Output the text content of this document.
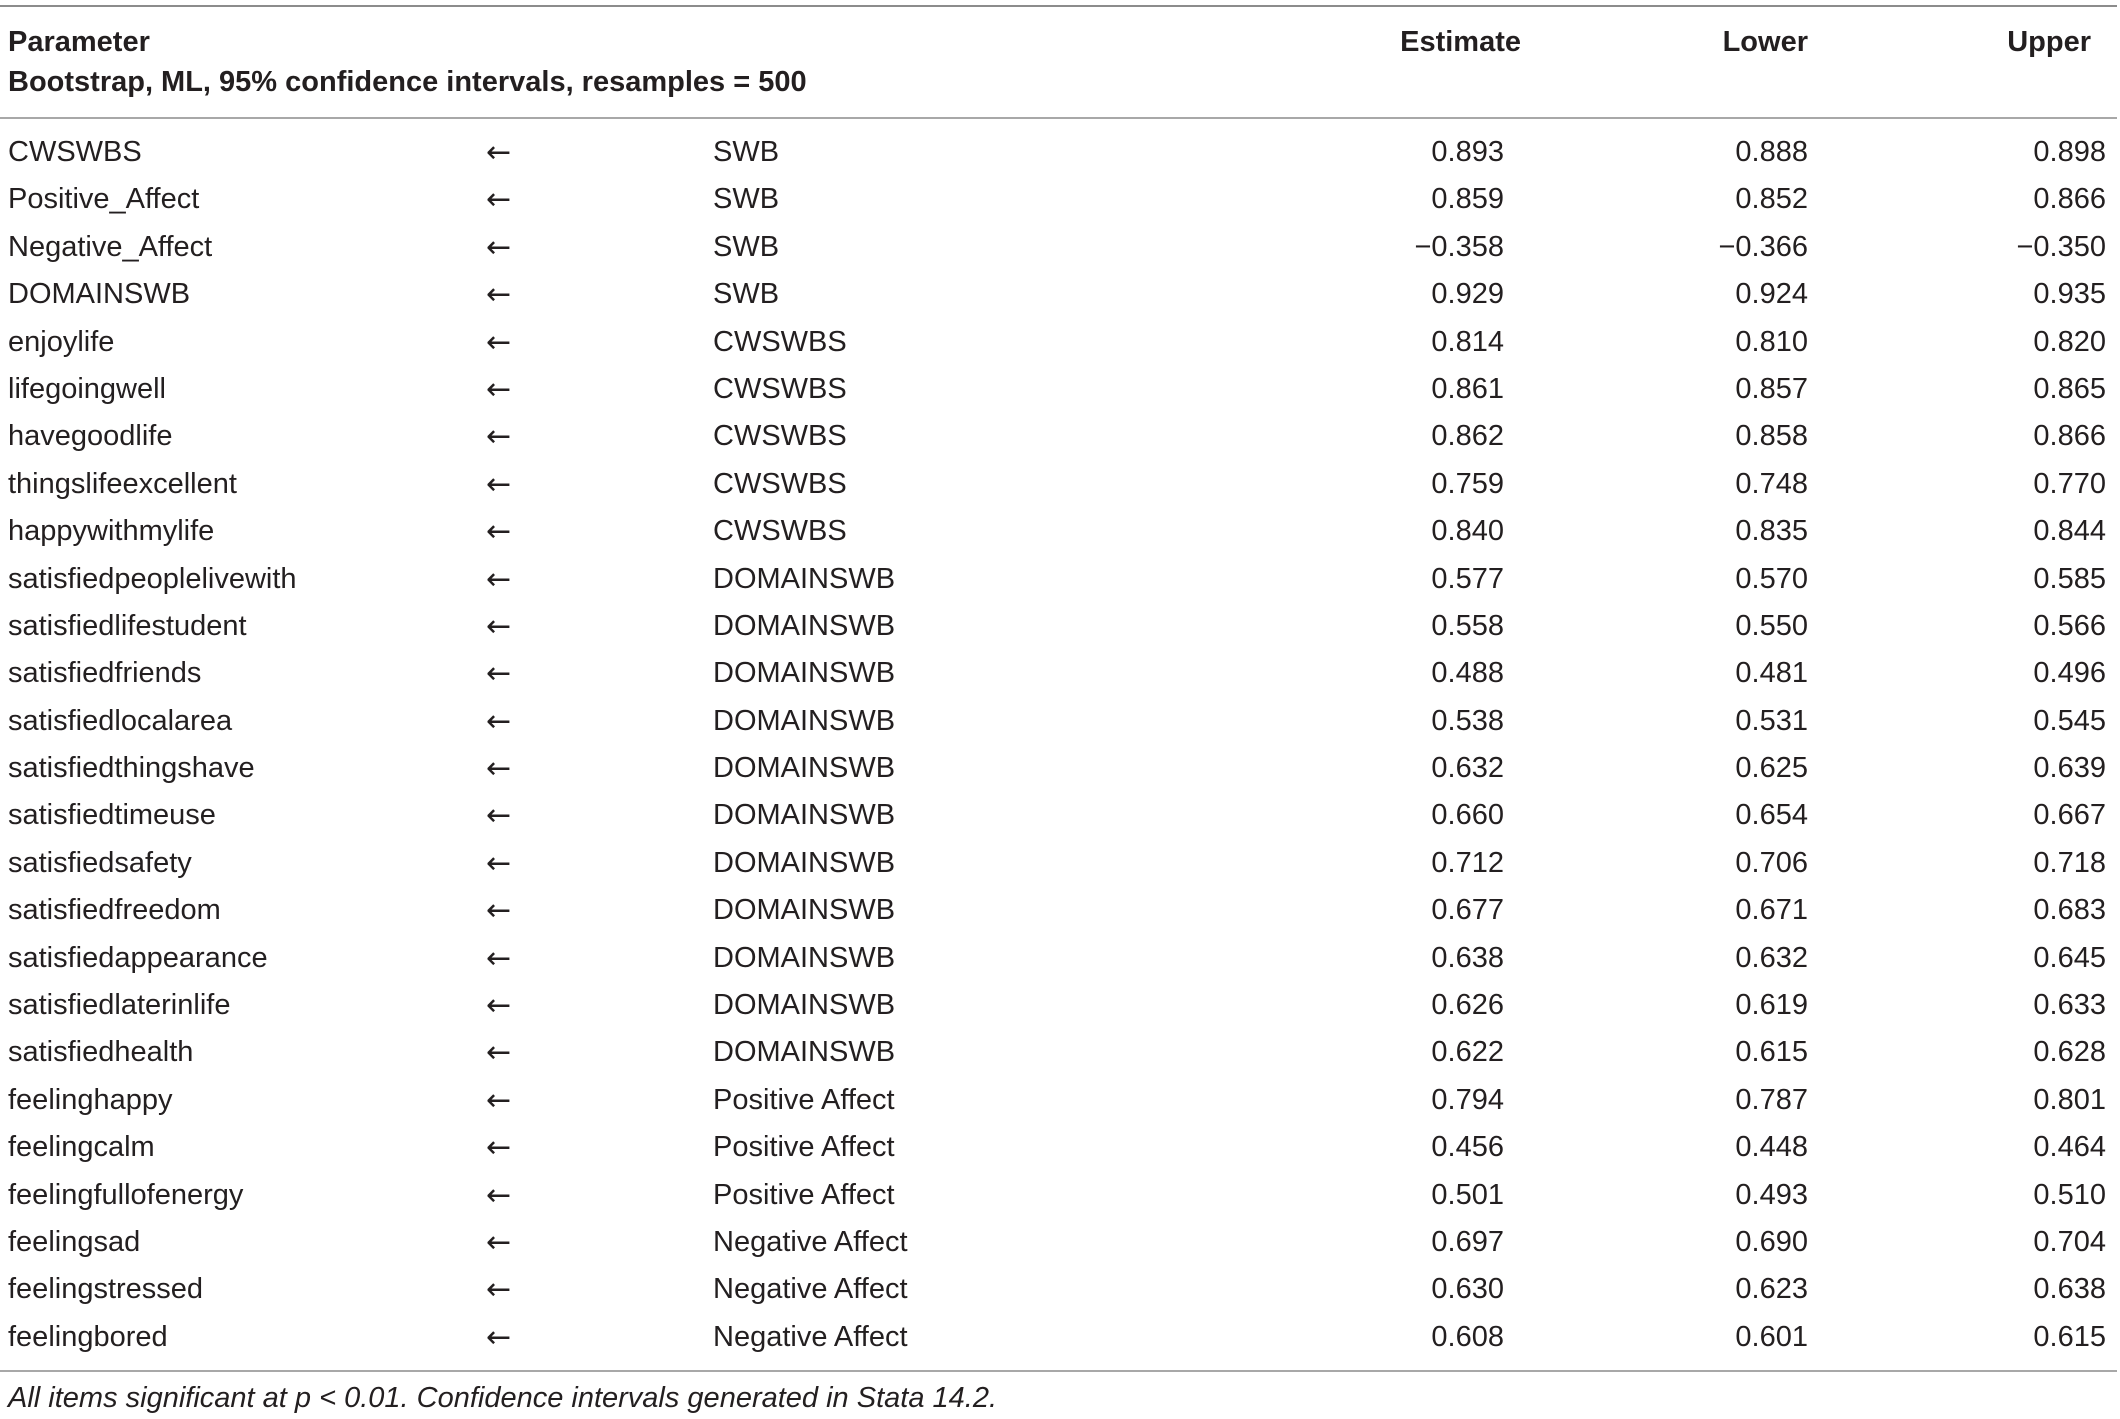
Parameter
Bootstrap, ML, 95% confidence intervals, resamples = 500
Estimate	Lower	Upper
CWSWBS	←	SWB	0.893	0.888	0.898
Positive_Affect	←	SWB	0.859	0.852	0.866
Negative_Affect	←	SWB	−0.358	−0.366	−0.350
DOMAINSWB	←	SWB	0.929	0.924	0.935
enjoylife	←	CWSWBS	0.814	0.810	0.820
lifegoingwell	←	CWSWBS	0.861	0.857	0.865
havegoodlife	←	CWSWBS	0.862	0.858	0.866
thingslifeexcellent	←	CWSWBS	0.759	0.748	0.770
happywithmylife	←	CWSWBS	0.840	0.835	0.844
satisfiedpeoplelivewith	←	DOMAINSWB	0.577	0.570	0.585
satisfiedlifestudent	←	DOMAINSWB	0.558	0.550	0.566
satisfiedfriends	←	DOMAINSWB	0.488	0.481	0.496
satisfiedlocalarea	←	DOMAINSWB	0.538	0.531	0.545
satisfiedthingshave	←	DOMAINSWB	0.632	0.625	0.639
satisfiedtimeuse	←	DOMAINSWB	0.660	0.654	0.667
satisfiedsafety	←	DOMAINSWB	0.712	0.706	0.718
satisfiedfreedom	←	DOMAINSWB	0.677	0.671	0.683
satisfiedappearance	←	DOMAINSWB	0.638	0.632	0.645
satisfiedlaterinlife	←	DOMAINSWB	0.626	0.619	0.633
satisfiedhealth	←	DOMAINSWB	0.622	0.615	0.628
feelinghappy	←	Positive Affect	0.794	0.787	0.801
feelingcalm	←	Positive Affect	0.456	0.448	0.464
feelingfullofenergy	←	Positive Affect	0.501	0.493	0.510
feelingsad	←	Negative Affect	0.697	0.690	0.704
feelingstressed	←	Negative Affect	0.630	0.623	0.638
feelingbored	←	Negative Affect	0.608	0.601	0.615
All items significant at p < 0.01. Confidence intervals generated in Stata 14.2.
